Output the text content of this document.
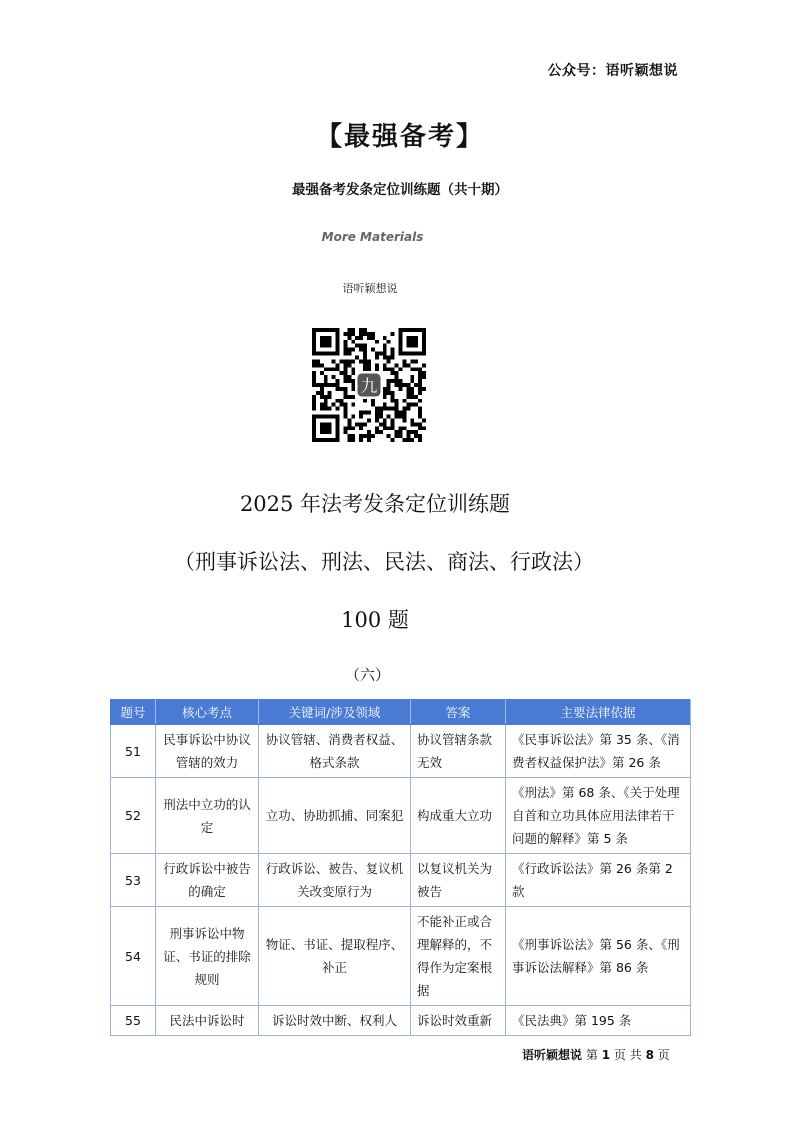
公众号：语听颖想说
【最强备考】
最强备考发条定位训练题（共十期）
More Materials
语听颖想说
九
2025 年法考发条定位训练题
（刑事诉讼法、刑法、民法、商法、行政法）
100 题
（六）
题号	核心考点	关键词/涉及领域	答案	主要法律依据
51	民事诉讼中协议管辖的效力	协议管辖、消费者权益、格式条款	协议管辖条款无效	《民事诉讼法》第 35 条、《消费者权益保护法》第 26 条
52	刑法中立功的认定	立功、协助抓捕、同案犯	构成重大立功	《刑法》第 68 条、《关于处理自首和立功具体应用法律若干问题的解释》第 5 条
53	行政诉讼中被告的确定	行政诉讼、被告、复议机关改变原行为	以复议机关为被告	《行政诉讼法》第 26 条第 2 款
54	刑事诉讼中物证、书证的排除规则	物证、书证、提取程序、补正	不能补正或合理解释的，不得作为定案根据	《刑事诉讼法》第 56 条、《刑事诉讼法解释》第 86 条
55	民法中诉讼时	诉讼时效中断、权利人	诉讼时效重新	《民法典》第 195 条
语听颖想说 第 1 页 共 8 页
